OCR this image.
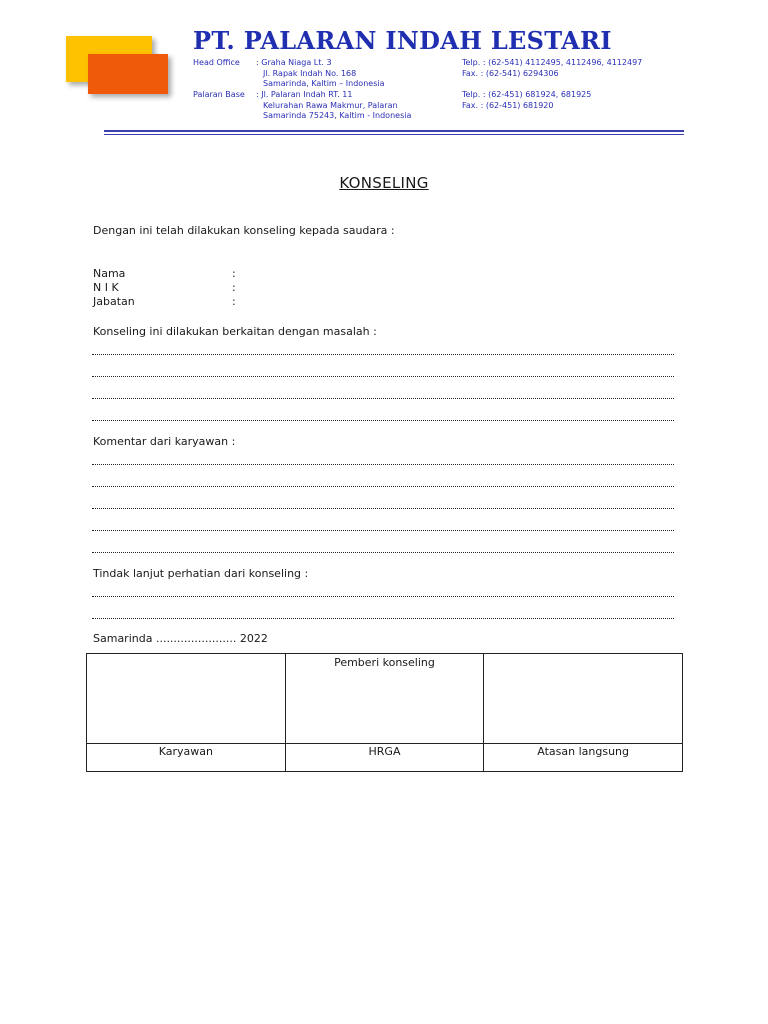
PT. PALARAN INDAH LESTARI
Head Office : Graha Niaga Lt. 3
Jl. Rapak Indah No. 168
Samarinda, Kaltim – Indonesia
Telp. : (62-541) 4112495, 4112496, 4112497
Fax. : (62-541) 6294306
Palaran Base : Jl. Palaran Indah RT. 11
Kelurahan Rawa Makmur, Palaran
Samarinda 75243, Kaltim - Indonesia
Telp. : (62-451) 681924, 681925
Fax. : (62-451) 681920
KONSELING
Dengan ini telah dilakukan konseling kepada saudara :
Nama	:
N I K	:
Jabatan	:
Konseling ini dilakukan berkaitan dengan masalah :
Komentar dari karyawan :
Tindak lanjut perhatian dari konseling :
Samarinda ....................... 2022
	Pemberi konseling	
Karyawan	HRGA	Atasan langsung
